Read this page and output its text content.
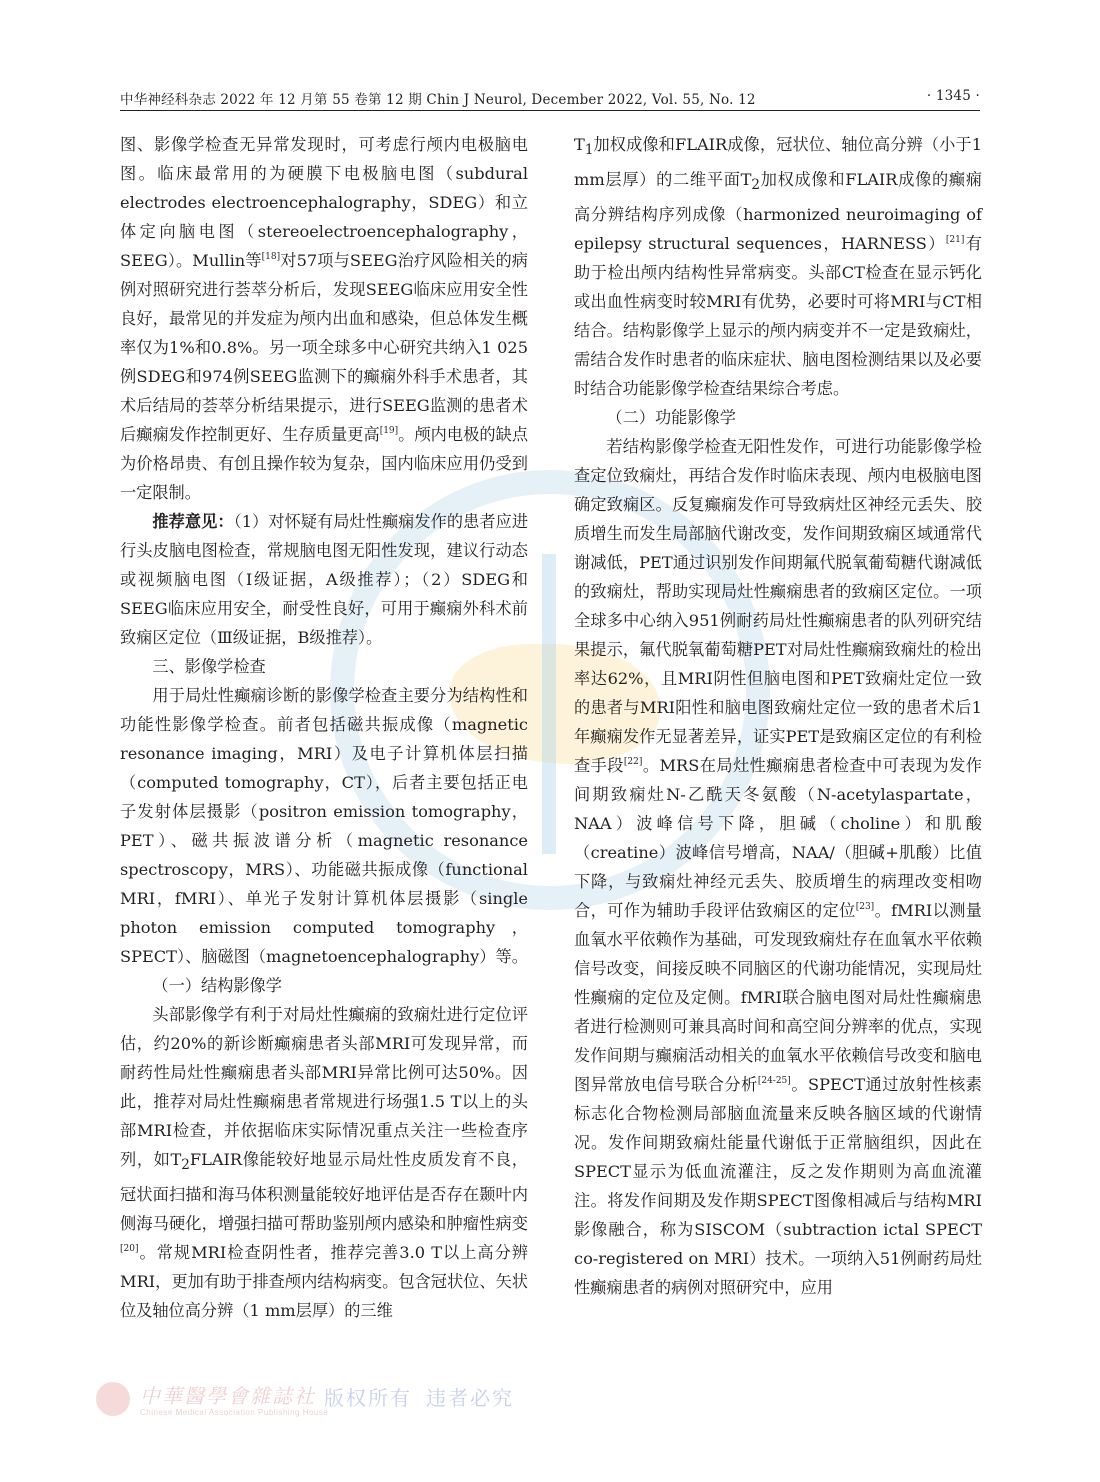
中华神经科杂志 2022 年 12 月第 55 卷第 12 期 Chin J Neurol, December 2022, Vol. 55, No. 12	· 1345 ·

图、影像学检查无异常发现时，可考虑行颅内电极脑电图。临床最常用的为硬膜下电极脑电图（subdural electrodes electroencephalography，SDEG）和立体定向脑电图（stereoelectroencephalography，SEEG）。Mullin等[18]对57项与SEEG治疗风险相关的病例对照研究进行荟萃分析后，发现SEEG临床应用安全性良好，最常见的并发症为颅内出血和感染，但总体发生概率仅为1%和0.8%。另一项全球多中心研究共纳入1 025例SDEG和974例SEEG监测下的癫痫外科手术患者，其术后结局的荟萃分析结果提示，进行SEEG监测的患者术后癫痫发作控制更好、生存质量更高[19]。颅内电极的缺点为价格昂贵、有创且操作较为复杂，国内临床应用仍受到一定限制。

推荐意见：（1）对怀疑有局灶性癫痫发作的患者应进行头皮脑电图检查，常规脑电图无阳性发现，建议行动态或视频脑电图（Ⅰ级证据，A级推荐）；（2）SDEG和SEEG临床应用安全，耐受性良好，可用于癫痫外科术前致痫区定位（Ⅲ级证据，B级推荐）。

三、影像学检查

用于局灶性癫痫诊断的影像学检查主要分为结构性和功能性影像学检查。前者包括磁共振成像（magnetic resonance imaging，MRI）及电子计算机体层扫描（computed tomography，CT），后者主要包括正电子发射体层摄影（positron emission tomography，PET）、磁共振波谱分析（magnetic resonance spectroscopy，MRS）、功能磁共振成像（functional MRI，fMRI）、单光子发射计算机体层摄影（single photon emission computed tomography，SPECT）、脑磁图（magnetoencephalography）等。

（一）结构影像学

头部影像学有利于对局灶性癫痫的致痫灶进行定位评估，约20%的新诊断癫痫患者头部MRI可发现异常，而耐药性局灶性癫痫患者头部MRI异常比例可达50%。因此，推荐对局灶性癫痫患者常规进行场强1.5 T以上的头部MRI检查，并依据临床实际情况重点关注一些检查序列，如$T_2FLAIR$像能较好地显示局灶性皮质发育不良，冠状面扫描和海马体积测量能较好地评估是否存在颞叶内侧海马硬化，增强扫描可帮助鉴别颅内感染和肿瘤性病变[20]。常规MRI检查阴性者，推荐完善3.0 T以上高分辨MRI，更加有助于排查颅内结构病变。包含冠状位、矢状位及轴位高分辨（1 mm层厚）的三维

$T_1$加权成像和FLAIR成像，冠状位、轴位高分辨（小于1 mm层厚）的二维平面$T_2$加权成像和FLAIR成像的癫痫高分辨结构序列成像（harmonized neuroimaging of epilepsy structural sequences，HARNESS）[21]有助于检出颅内结构性异常病变。头部CT检查在显示钙化或出血性病变时较MRI有优势，必要时可将MRI与CT相结合。结构影像学上显示的颅内病变并不一定是致痫灶，需结合发作时患者的临床症状、脑电图检测结果以及必要时结合功能影像学检查结果综合考虑。

（二）功能影像学

若结构影像学检查无阳性发作，可进行功能影像学检查定位致痫灶，再结合发作时临床表现、颅内电极脑电图确定致痫区。反复癫痫发作可导致病灶区神经元丢失、胶质增生而发生局部脑代谢改变，发作间期致痫区域通常代谢减低，PET通过识别发作间期氟代脱氧葡萄糖代谢减低的致痫灶，帮助实现局灶性癫痫患者的致痫区定位。一项全球多中心纳入951例耐药局灶性癫痫患者的队列研究结果提示，氟代脱氧葡萄糖PET对局灶性癫痫致痫灶的检出率达62%，且MRI阴性但脑电图和PET致痫灶定位一致的患者与MRI阳性和脑电图致痫灶定位一致的患者术后1年癫痫发作无显著差异，证实PET是致痫区定位的有利检查手段[22]。MRS在局灶性癫痫患者检查中可表现为发作间期致痫灶N-乙酰天冬氨酸（N-acetylaspartate，NAA）波峰信号下降，胆碱（choline）和肌酸（creatine）波峰信号增高，NAA/（胆碱+肌酸）比值下降，与致痫灶神经元丢失、胶质增生的病理改变相吻合，可作为辅助手段评估致痫区的定位[23]。fMRI以测量血氧水平依赖作为基础，可发现致痫灶存在血氧水平依赖信号改变，间接反映不同脑区的代谢功能情况，实现局灶性癫痫的定位及定侧。fMRI联合脑电图对局灶性癫痫患者进行检测则可兼具高时间和高空间分辨率的优点，实现发作间期与癫痫活动相关的血氧水平依赖信号改变和脑电图异常放电信号联合分析[24-25]。SPECT通过放射性核素标志化合物检测局部脑血流量来反映各脑区域的代谢情况。发作间期致痫灶能量代谢低于正常脑组织，因此在SPECT显示为低血流灌注，反之发作期则为高血流灌注。将发作间期及发作期SPECT图像相减后与结构MRI影像融合，称为SISCOM（subtraction ictal SPECT co-registered on MRI）技术。一项纳入51例耐药局灶性癫痫患者的病例对照研究中，应用

中華醫學會雜誌社
Chinese Medical Association Publishing House
版权所有 违者必究
